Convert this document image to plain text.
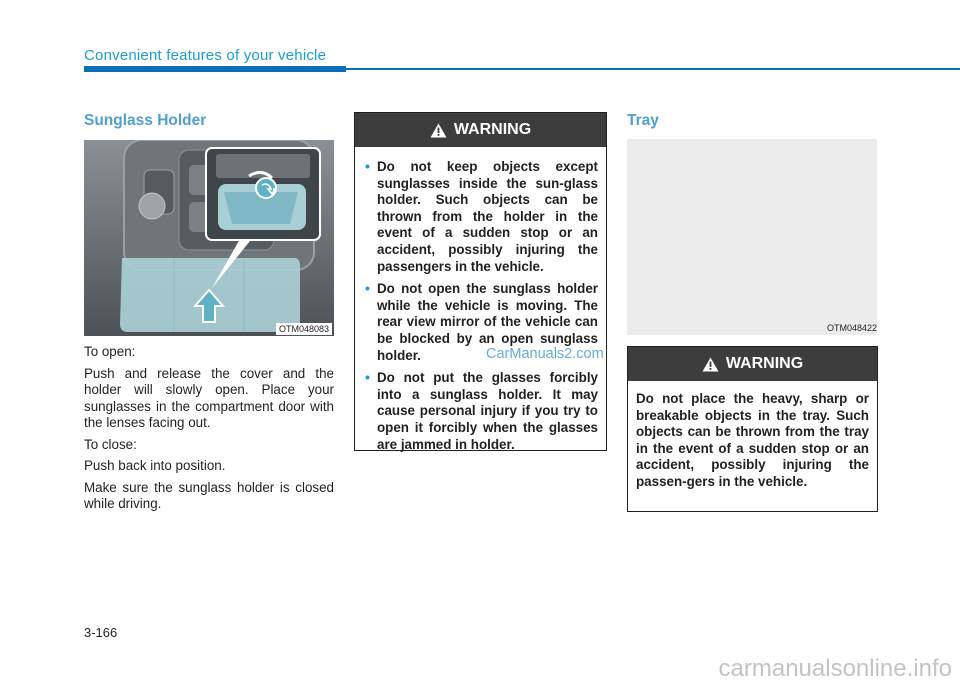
Convenient features of your vehicle
Sunglass Holder
OTM048083

To open:

Push and release the cover and the holder will slowly open. Place your sunglasses in the compartment door with the lenses facing out.

To close:

Push back into position.

Make sure the sunglass holder is closed while driving.

WARNING
• Do not keep objects except sunglasses inside the sun-glass holder. Such objects can be thrown from the holder in the event of a sudden stop or an accident, possibly injuring the passengers in the vehicle.
• Do not open the sunglass holder while the vehicle is moving. The rear view mirror of the vehicle can be blocked by an open sunglass holder.
• Do not put the glasses forcibly into a sunglass holder. It may cause personal injury if you try to open it forcibly when the glasses are jammed in holder.
Tray
OTM048422
WARNING
Do not place the heavy, sharp or breakable objects in the tray. Such objects can be thrown from the tray in the event of a sudden stop or an accident, possibly injuring the passen-gers in the vehicle.
3-166
CarManuals2.com
carmanualsonline.info
